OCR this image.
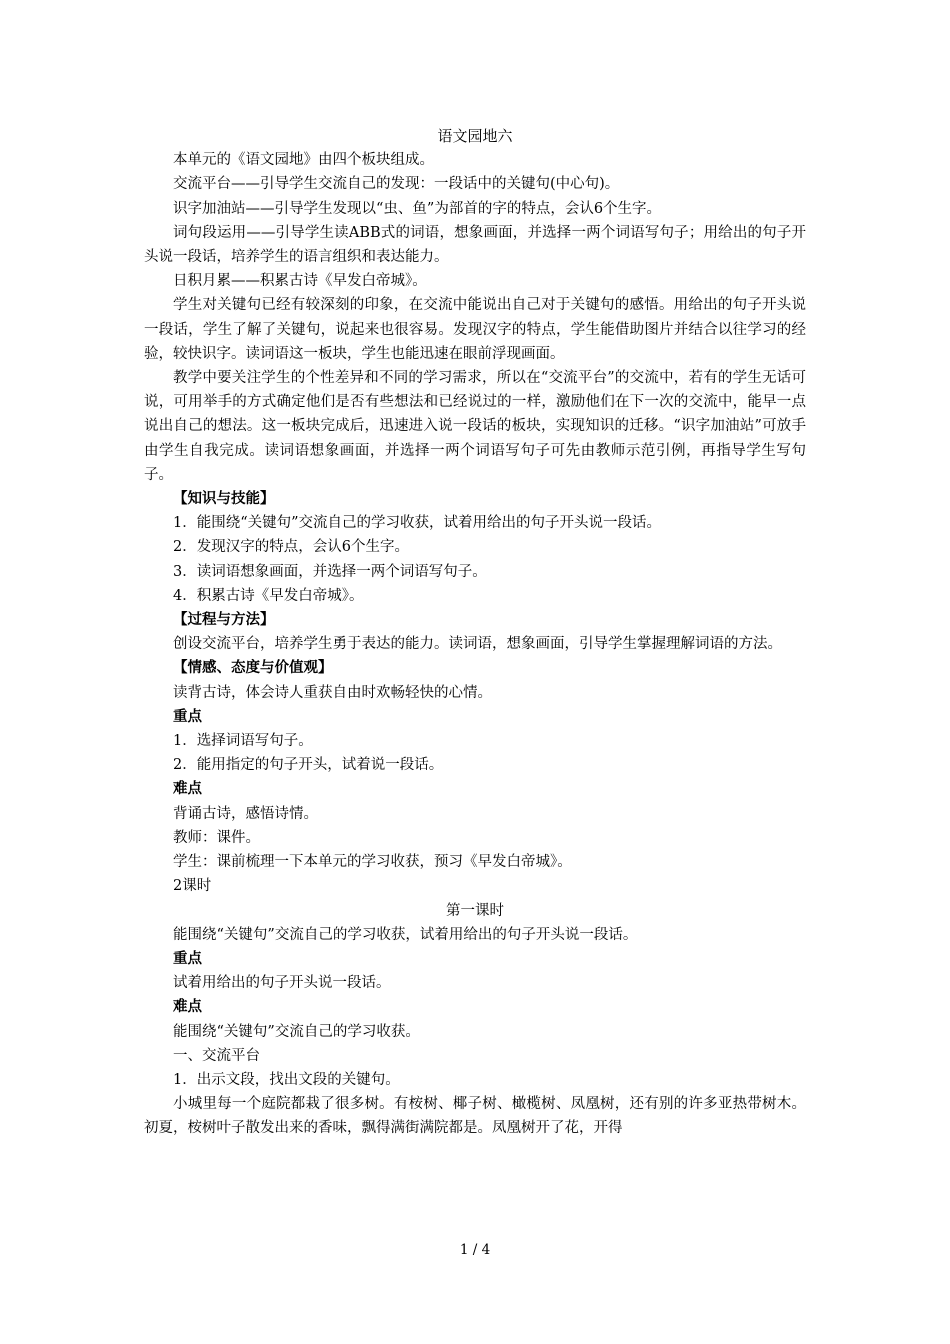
语文园地六

本单元的《语文园地》由四个板块组成。

交流平台——引导学生交流自己的发现：一段话中的关键句(中心句)。

识字加油站——引导学生发现以“虫、鱼”为部首的字的特点，会认6个生字。

词句段运用——引导学生读ABB式的词语，想象画面，并选择一两个词语写句子；用给出的句子开头说一段话，培养学生的语言组织和表达能力。

日积月累——积累古诗《早发白帝城》。

学生对关键句已经有较深刻的印象，在交流中能说出自己对于关键句的感悟。用给出的句子开头说一段话，学生了解了关键句，说起来也很容易。发现汉字的特点，学生能借助图片并结合以往学习的经验，较快识字。读词语这一板块，学生也能迅速在眼前浮现画面。

教学中要关注学生的个性差异和不同的学习需求，所以在“交流平台”的交流中，若有的学生无话可说，可用举手的方式确定他们是否有些想法和已经说过的一样，激励他们在下一次的交流中，能早一点说出自己的想法。这一板块完成后，迅速进入说一段话的板块，实现知识的迁移。“识字加油站”可放手由学生自我完成。读词语想象画面，并选择一两个词语写句子可先由教师示范引例，再指导学生写句子。

【知识与技能】

1．能围绕“关键句”交流自己的学习收获，试着用给出的句子开头说一段话。

2．发现汉字的特点，会认6个生字。

3．读词语想象画面，并选择一两个词语写句子。

4．积累古诗《早发白帝城》。

【过程与方法】

创设交流平台，培养学生勇于表达的能力。读词语，想象画面，引导学生掌握理解词语的方法。

【情感、态度与价值观】

读背古诗，体会诗人重获自由时欢畅轻快的心情。

重点

1．选择词语写句子。

2．能用指定的句子开头，试着说一段话。

难点

背诵古诗，感悟诗情。

教师：课件。

学生：课前梳理一下本单元的学习收获，预习《早发白帝城》。

2课时

第一课时

能围绕“关键句”交流自己的学习收获，试着用给出的句子开头说一段话。

重点

试着用给出的句子开头说一段话。

难点

能围绕“关键句”交流自己的学习收获。

一、交流平台

1．出示文段，找出文段的关键句。

小城里每一个庭院都栽了很多树。有桉树、椰子树、橄榄树、凤凰树，还有别的许多亚热带树木。初夏，桉树叶子散发出来的香味，飘得满街满院都是。凤凰树开了花，开得

1 / 4
